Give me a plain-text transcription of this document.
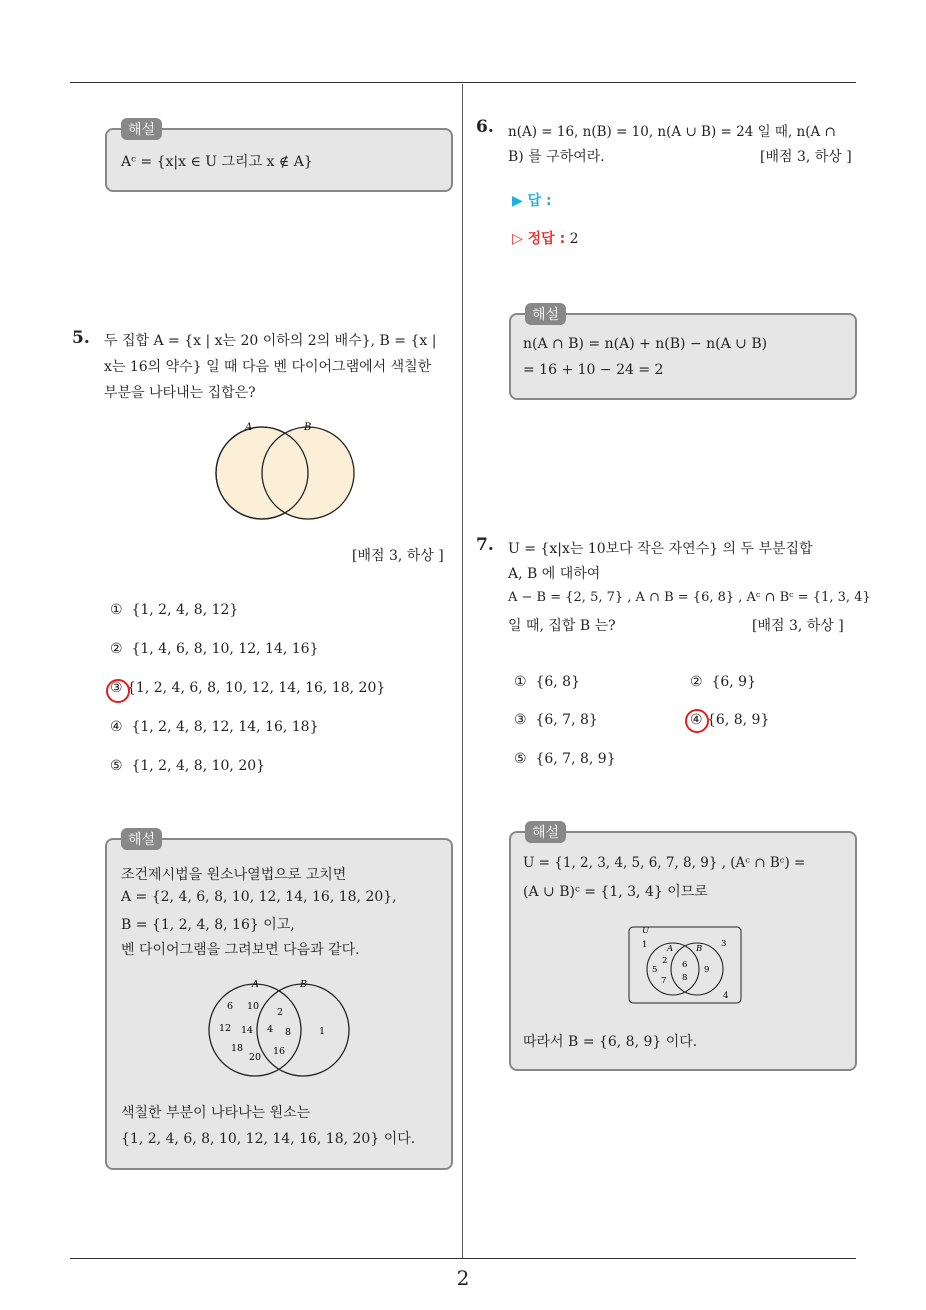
2
해설
Aᶜ = {x|x ∈ U 그리고 x ∉ A}
5. 두 집합 A = {x | x는 20 이하의 2의 배수}, B = {x |
x는 16의 약수} 일 때 다음 벤 다이어그램에서 색칠한
부분을 나타내는 집합은?
A	B
[배점 3, 하상 ]
① {1, 2, 4, 8, 12}
② {1, 4, 6, 8, 10, 12, 14, 16}
③ {1, 2, 4, 6, 8, 10, 12, 14, 16, 18, 20}
④ {1, 2, 4, 8, 12, 14, 16, 18}
⑤ {1, 2, 4, 8, 10, 20}
해설
조건제시법을 원소나열법으로 고치면
A = {2, 4, 6, 8, 10, 12, 14, 16, 18, 20},
B = {1, 2, 4, 8, 16} 이고,
벤 다이어그램을 그려보면 다음과 같다.
A	B
6 10
12 14
18
20
2
4 8
16
1
색칠한 부분이 나타나는 원소는
{1, 2, 4, 6, 8, 10, 12, 14, 16, 18, 20} 이다.
6. n(A) = 16, n(B) = 10, n(A ∪ B) = 24 일 때, n(A ∩
B) 를 구하여라.	[배점 3, 하상 ]
▶ 답 :
▷ 정답 : 2
해설
n(A ∩ B) = n(A) + n(B) − n(A ∪ B)
= 16 + 10 − 24 = 2
7. U = {x|x는 10보다 작은 자연수} 의 두 부분집합
A, B 에 대하여
A − B = {2, 5, 7} , A ∩ B = {6, 8} , Aᶜ ∩ Bᶜ = {1, 3, 4}
일 때, 집합 B 는?	[배점 3, 하상 ]
① {6, 8}	② {6, 9}
③ {6, 7, 8}	④ {6, 8, 9}
⑤ {6, 7, 8, 9}
해설
U = {1, 2, 3, 4, 5, 6, 7, 8, 9} , (Aᶜ ∩ Bᶜ) =
(A ∪ B)ᶜ = {1, 3, 4} 이므로
U
A	B
1	3
2
5
7
6
8
9
4
따라서 B = {6, 8, 9} 이다.
